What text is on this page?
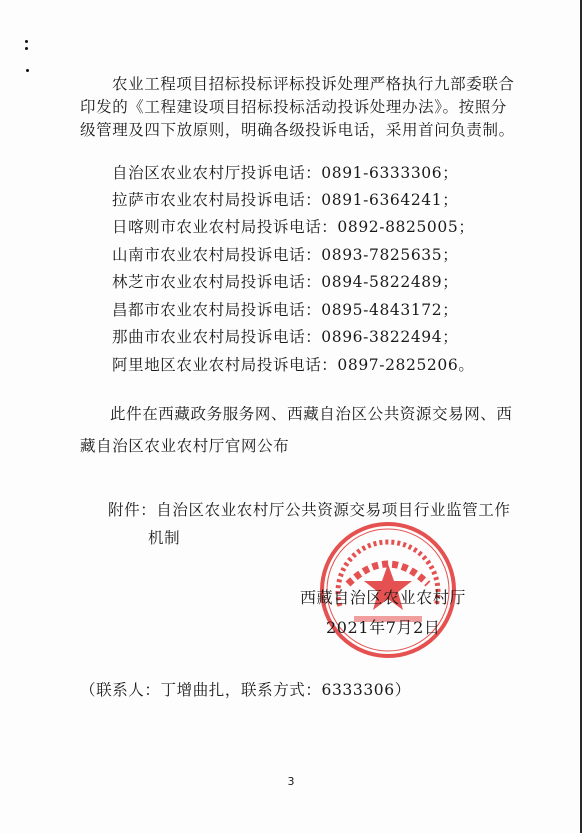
农业工程项目招标投标评标投诉处理严格执行九部委联合
印发的《工程建设项目招标投标活动投诉处理办法》。按照分
级管理及四下放原则，明确各级投诉电话，采用首问负责制。
自治区农业农村厅投诉电话：0891-6333306；
拉萨市农业农村局投诉电话：0891-6364241；
日喀则市农业农村局投诉电话：0892-8825005；
山南市农业农村局投诉电话：0893-7825635；
林芝市农业农村局投诉电话：0894-5822489；
昌都市农业农村局投诉电话：0895-4843172；
那曲市农业农村局投诉电话：0896-3822494；
阿里地区农业农村局投诉电话：0897-2825206。
此件在西藏政务服务网、西藏自治区公共资源交易网、西
藏自治区农业农村厅官网公布
附件：自治区农业农村厅公共资源交易项目行业监管工作
机制
西藏自治区农业农村厅
2021年7月2日
（联系人：丁增曲扎，联系方式：6333306）
3
